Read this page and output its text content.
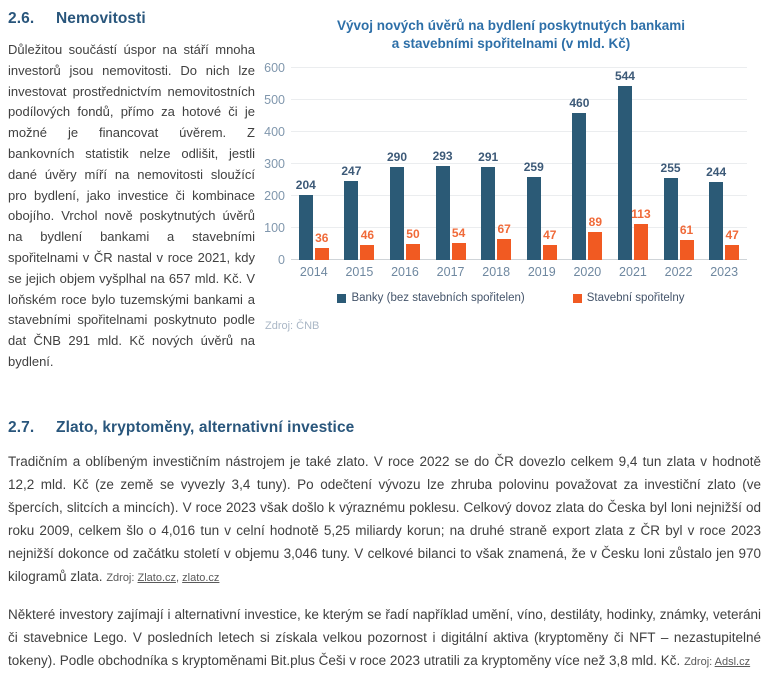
Vývoj nových úvěrů na bydlení poskytnutých bankami
a stavebními spořitelnami (v mld. Kč)
0
100
200
300
400
500
600
204
36
247
46
290
50
293
54
291
67
259
47
460
89
544
113
255
61
244
47
2014 2015 2016 2017 2018 2019 2020 2021 2022 2023
Banky (bez stavebních spořitelen)	Stavební spořitelny
Zdroj: ČNB
2.6.	Nemovitosti

Důležitou součástí úspor na stáří mnoha investorů jsou nemovitosti. Do nich lze investovat prostřednictvím nemovitostních podílových fondů, přímo za hotové či je možné je financovat úvěrem. Z bankovních statistik nelze odlišit, jestli dané úvěry míří na nemovitosti sloužící pro bydlení, jako investice či kombinace obojího. Vrchol nově poskytnutých úvěrů na bydlení bankami a stavebními spořitelnami v ČR nastal v roce 2021, kdy se jejich objem vyšplhal na 657 mld. Kč. V loňském roce bylo tuzemskými bankami a stavebními spořitelnami poskytnuto podle dat ČNB 291 mld. Kč nových úvěrů na bydlení.

2.7.	Zlato, kryptoměny, alternativní investice

Tradičním a oblíbeným investičním nástrojem je také zlato. V roce 2022 se do ČR dovezlo celkem 9,4 tun zlata v hodnotě 12,2 mld. Kč (ze země se vyvezly 3,4 tuny). Po odečtení vývozu lze zhruba polovinu považovat za investiční zlato (ve špercích, slitcích a mincích). V roce 2023 však došlo k výraznému poklesu. Celkový dovoz zlata do Česka byl loni nejnižší od roku 2009, celkem šlo o 4,016 tun v celní hodnotě 5,25 miliardy korun; na druhé straně export zlata z ČR byl v roce 2023 nejnižší dokonce od začátku století v objemu 3,046 tuny. V celkové bilanci to však znamená, že v Česku loni zůstalo jen 970 kilogramů zlata. Zdroj: Zlato.cz, zlato.cz

Některé investory zajímají i alternativní investice, ke kterým se řadí například umění, víno, destiláty, hodinky, známky, veteráni či stavebnice Lego. V posledních letech si získala velkou pozornost i digitální aktiva (kryptoměny či NFT – nezastupitelné tokeny). Podle obchodníka s kryptoměnami Bit.plus Češi v roce 2023 utratili za kryptoměny více než 3,8 mld. Kč. Zdroj: Adsl.cz
